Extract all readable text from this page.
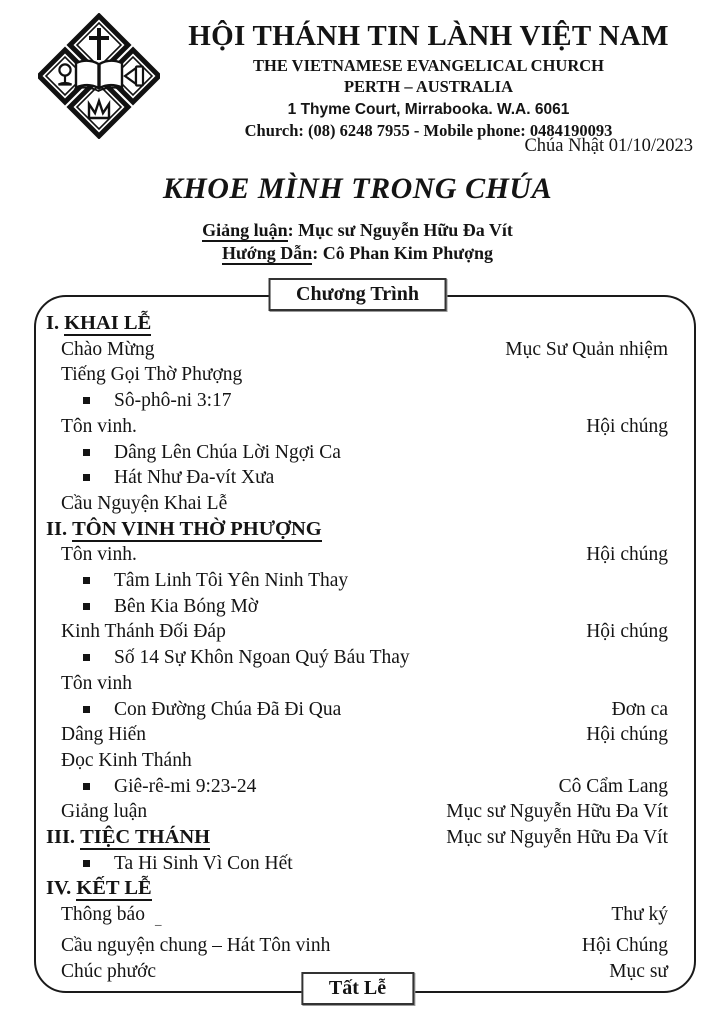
HỘI THÁNH TIN LÀNH VIỆT NAM
THE VIETNAMESE EVANGELICAL CHURCH
PERTH – AUSTRALIA
1 Thyme Court, Mirrabooka. W.A. 6061
Church: (08) 6248 7955 - Mobile phone: 0484190093
Chúa Nhật 01/10/2023
KHOE MÌNH TRONG CHÚA
Giảng luận: Mục sư Nguyễn Hữu Đa Vít
Hướng Dẫn: Cô Phan Kim Phượng
Chương Trình
Tất Lễ
I. KHAI LỄ
Chào Mừng	Mục Sư Quản nhiệm
Tiếng Gọi Thờ Phượng
Sô-phô-ni 3:17
Tôn vinh.	Hội chúng
Dâng Lên Chúa Lời Ngợi Ca
Hát Như Đa-vít Xưa
Cầu Nguyện Khai Lễ
II. TÔN VINH THỜ PHƯỢNG
Tôn vinh.	Hội chúng
Tâm Linh Tôi Yên Ninh Thay
Bên Kia Bóng Mờ
Kinh Thánh Đối Đáp	Hội chúng
Số 14 Sự Khôn Ngoan Quý Báu Thay
Tôn vinh
Con Đường Chúa Đã Đi Qua	Đơn ca
Dâng Hiến	Hội chúng
Đọc Kinh Thánh
Giê-rê-mi 9:23-24	Cô Cẩm Lang
Giảng luận	Mục sư Nguyễn Hữu Đa Vít
III. TIỆC THÁNH	Mục sư Nguyễn Hữu Đa Vít
Ta Hi Sinh Vì Con Hết
IV. KẾT LỄ
Thông báo $_{\_}$	Thư ký
Cầu nguyện chung – Hát Tôn vinh	Hội Chúng
Chúc phước	Mục sư
